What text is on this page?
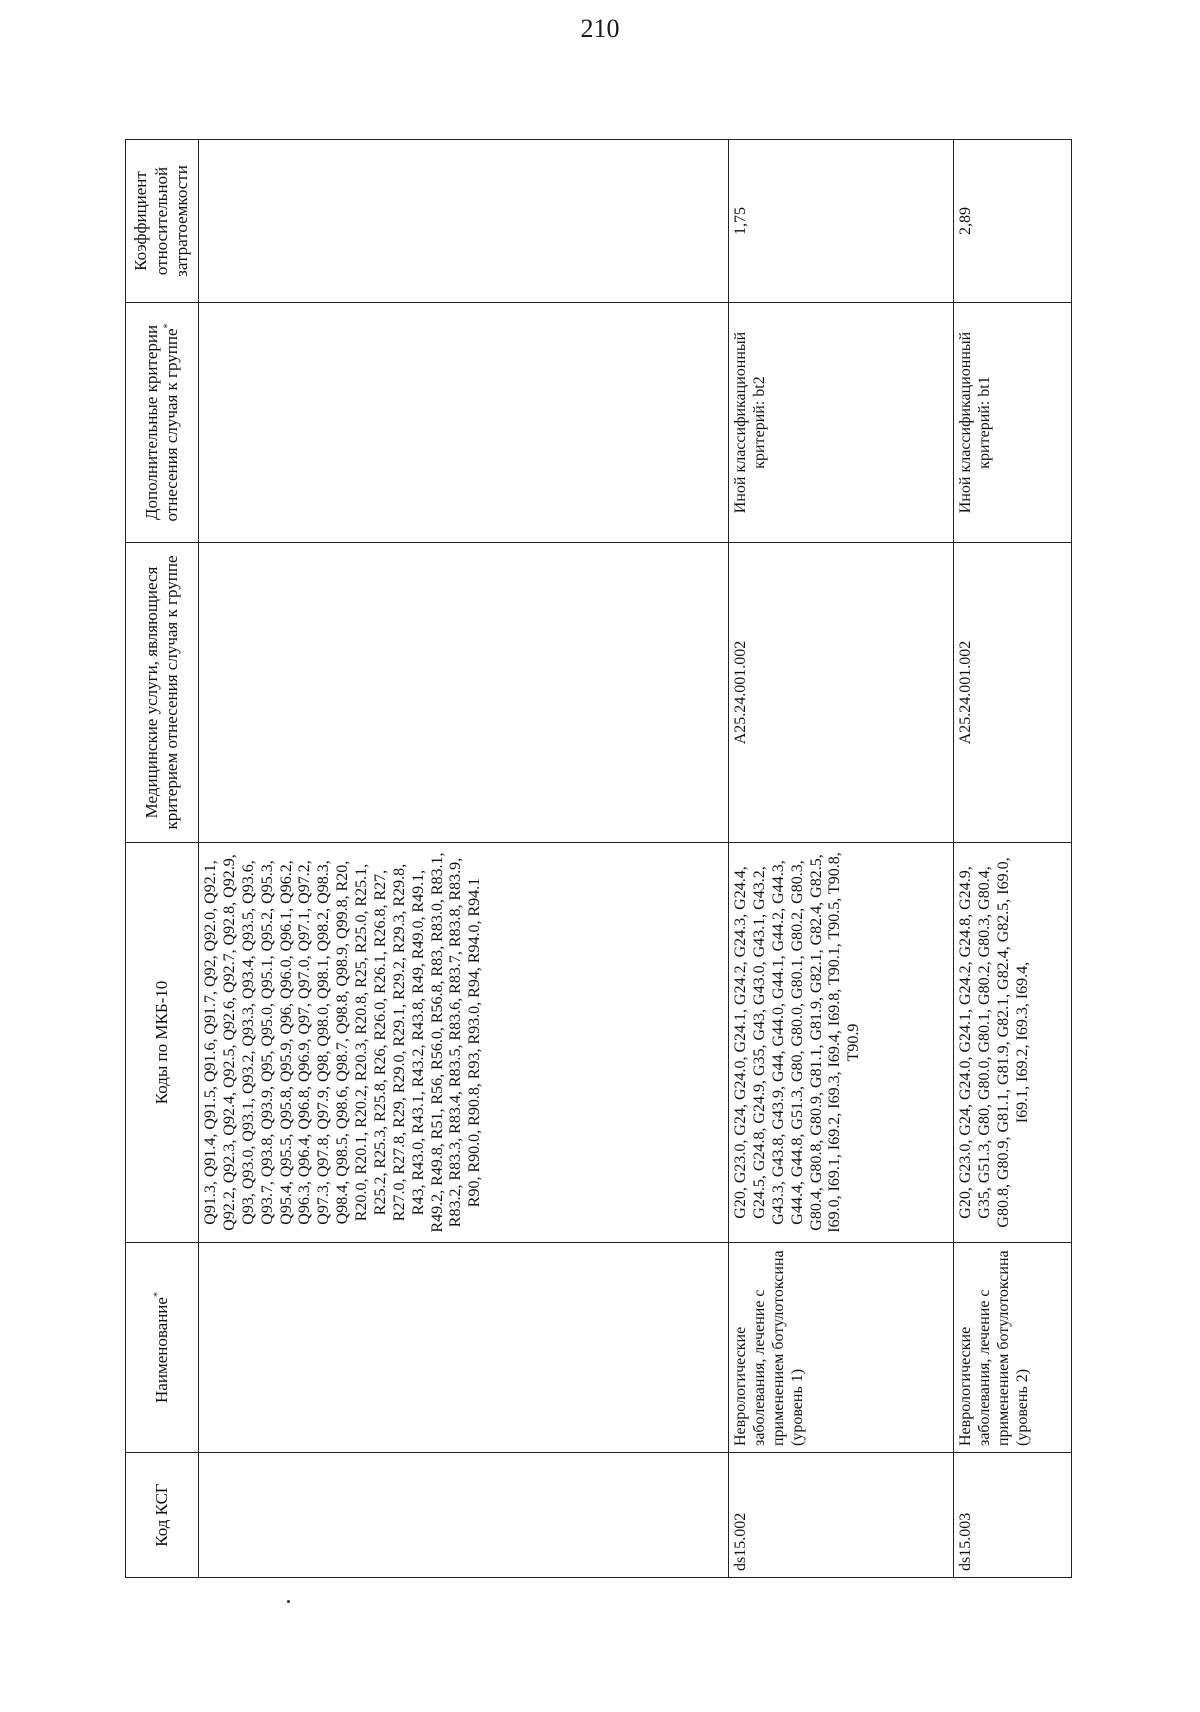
210
Код КСГ	Наименование*	Коды по МКБ-10	Медицинские услуги, являющиеся критерием отнесения случая к группе	Дополнительные критерии отнесения случая к группе*	Коэффициент относительной затратоемкости
		Q91.3, Q91.4, Q91.5, Q91.6, Q91.7, Q92, Q92.0, Q92.1, Q92.2, Q92.3, Q92.4, Q92.5, Q92.6, Q92.7, Q92.8, Q92.9, Q93, Q93.0, Q93.1, Q93.2, Q93.3, Q93.4, Q93.5, Q93.6, Q93.7, Q93.8, Q93.9, Q95, Q95.0, Q95.1, Q95.2, Q95.3, Q95.4, Q95.5, Q95.8, Q95.9, Q96, Q96.0, Q96.1, Q96.2, Q96.3, Q96.4, Q96.8, Q96.9, Q97, Q97.0, Q97.1, Q97.2, Q97.3, Q97.8, Q97.9, Q98, Q98.0, Q98.1, Q98.2, Q98.3, Q98.4, Q98.5, Q98.6, Q98.7, Q98.8, Q98.9, Q99.8, R20, R20.0, R20.1, R20.2, R20.3, R20.8, R25, R25.0, R25.1, R25.2, R25.3, R25.8, R26, R26.0, R26.1, R26.8, R27, R27.0, R27.8, R29, R29.0, R29.1, R29.2, R29.3, R29.8, R43, R43.0, R43.1, R43.2, R43.8, R49, R49.0, R49.1, R49.2, R49.8, R51, R56, R56.0, R56.8, R83, R83.0, R83.1, R83.2, R83.3, R83.4, R83.5, R83.6, R83.7, R83.8, R83.9, R90, R90.0, R90.8, R93, R93.0, R94, R94.0, R94.1			
ds15.002	Неврологические заболевания, лечение с применением ботулотоксина (уровень 1)	G20, G23.0, G24, G24.0, G24.1, G24.2, G24.3, G24.4, G24.5, G24.8, G24.9, G35, G43, G43.0, G43.1, G43.2, G43.3, G43.8, G43.9, G44, G44.0, G44.1, G44.2, G44.3, G44.4, G44.8, G51.3, G80, G80.0, G80.1, G80.2, G80.3, G80.4, G80.8, G80.9, G81.1, G81.9, G82.1, G82.4, G82.5, I69.0, I69.1, I69.2, I69.3, I69.4, I69.8, T90.1, T90.5, T90.8, T90.9	A25.24.001.002	Иной классификационный критерий: bt2	1,75
ds15.003	Неврологические заболевания, лечение с применением ботулотоксина (уровень 2)	G20, G23.0, G24, G24.0, G24.1, G24.2, G24.8, G24.9, G35, G51.3, G80, G80.0, G80.1, G80.2, G80.3, G80.4, G80.8, G80.9, G81.1, G81.9, G82.1, G82.4, G82.5, I69.0, I69.1, I69.2, I69.3, I69.4,	A25.24.001.002	Иной классификационный критерий: bt1	2,89
